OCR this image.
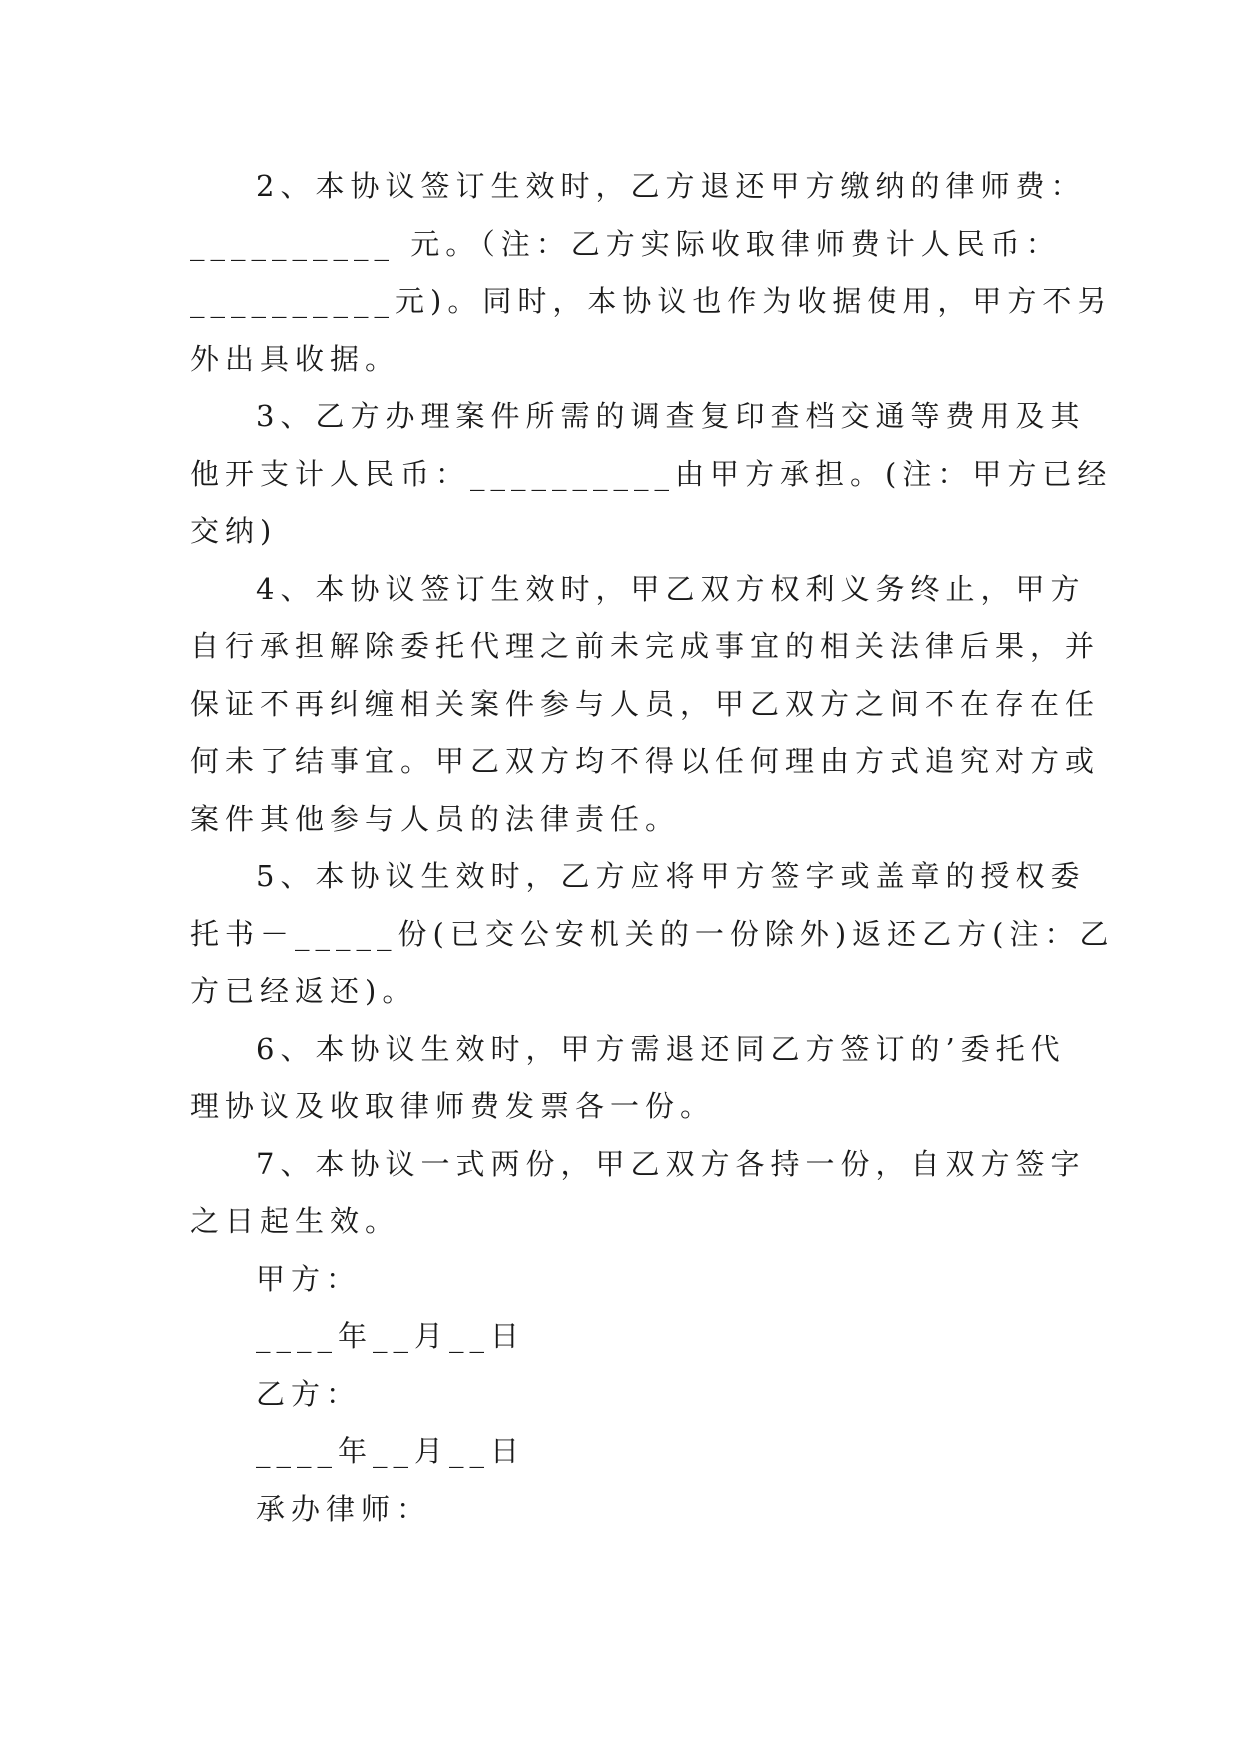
2、本协议签订生效时，乙方退还甲方缴纳的律师费：

__________ 元。（注：乙方实际收取律师费计人民币：
__________元)。同时，本协议也作为收据使用，甲方不另
外出具收据。

3、乙方办理案件所需的调查复印查档交通等费用及其

他开支计人民币：__________由甲方承担。(注：甲方已经
交纳)

4、本协议签订生效时，甲乙双方权利义务终止，甲方

自行承担解除委托代理之前未完成事宜的相关法律后果，并
保证不再纠缠相关案件参与人员，甲乙双方之间不在存在任
何未了结事宜。甲乙双方均不得以任何理由方式追究对方或
案件其他参与人员的法律责任。

5、本协议生效时，乙方应将甲方签字或盖章的授权委

托书－_____份(已交公安机关的一份除外)返还乙方(注：乙
方已经返还)。

6、本协议生效时，甲方需退还同乙方签订的’委托代

理协议及收取律师费发票各一份。

7、本协议一式两份，甲乙双方各持一份，自双方签字

之日起生效。

甲方：

____年__月__日

乙方：

____年__月__日

承办律师：
